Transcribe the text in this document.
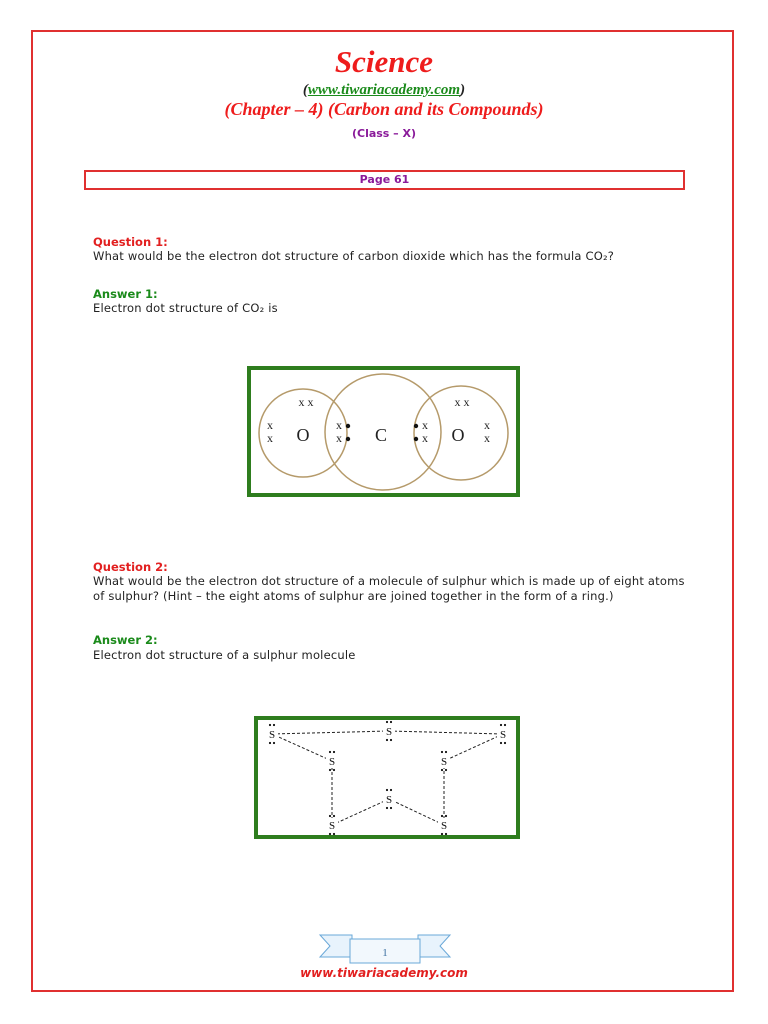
Science
(www.tiwariacademy.com)
(Chapter – 4) (Carbon and its Compounds)
(Class – X)
Page 61
Question 1:
What would be the electron dot structure of carbon dioxide which has the formula CO₂?
Answer 1:
Electron dot structure of CO₂ is
O	C	O
x x
x
x
x
x
x
x
x x
x
x
Question 2:
What would be the electron dot structure of a molecule of sulphur which is made up of eight atoms of sulphur? (Hint – the eight atoms of sulphur are joined together in the form of a ring.)
Answer 2:
Electron dot structure of a sulphur molecule
S	S	S
S
S
S
S
S
1
www.tiwariacademy.com
